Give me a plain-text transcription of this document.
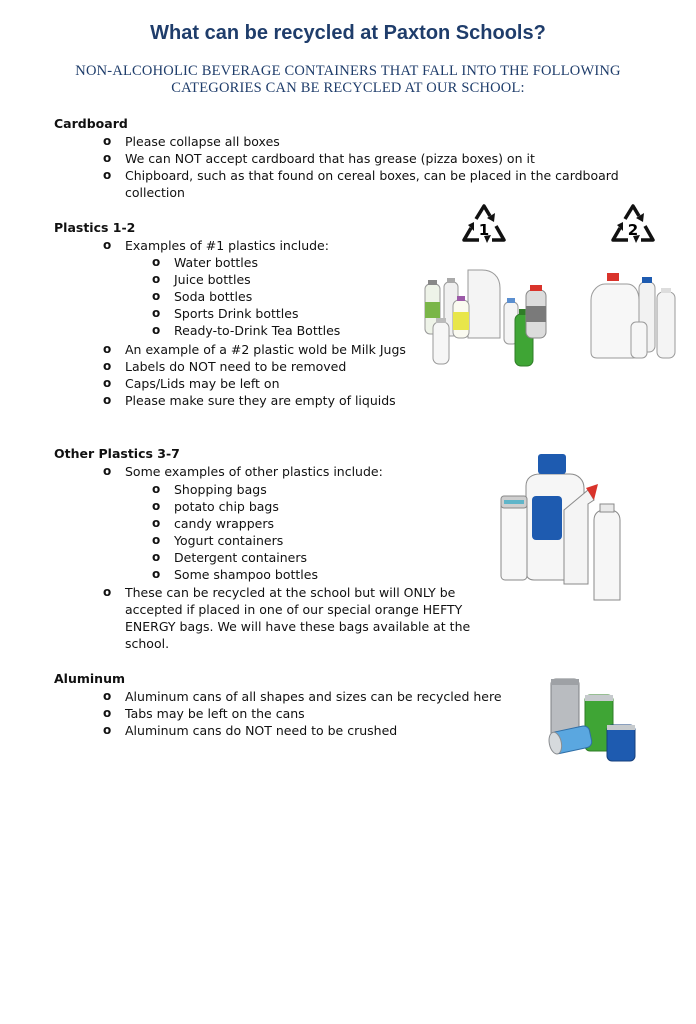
What can be recycled at Paxton Schools?
NON-ALCOHOLIC BEVERAGE CONTAINERS THAT FALL INTO THE FOLLOWING CATEGORIES CAN BE RECYCLED AT OUR SCHOOL:
Cardboard
o Please collapse all boxes
o We can NOT accept cardboard that has grease (pizza boxes) on it
o Chipboard, such as that found on cereal boxes, can be placed in the cardboard
collection
Plastics 1-2
o Examples of #1 plastics include:
o Water bottles
o Juice bottles
o Soda bottles
o Sports Drink bottles
o Ready-to-Drink Tea Bottles
o An example of a #2 plastic wold be Milk Jugs
o Labels do NOT need to be removed
o Caps/Lids may be left on
o Please make sure they are empty of liquids
1	2
Other Plastics 3-7
o Some examples of other plastics include:
o Shopping bags
o potato chip bags
o candy wrappers
o Yogurt containers
o Detergent containers
o Some shampoo bottles
o These can be recycled at the school but will ONLY be
accepted if placed in one of our special orange HEFTY
ENERGY bags. We will have these bags available at the
school.
Aluminum
o Aluminum cans of all shapes and sizes can be recycled here
o Tabs may be left on the cans
o Aluminum cans do NOT need to be crushed
